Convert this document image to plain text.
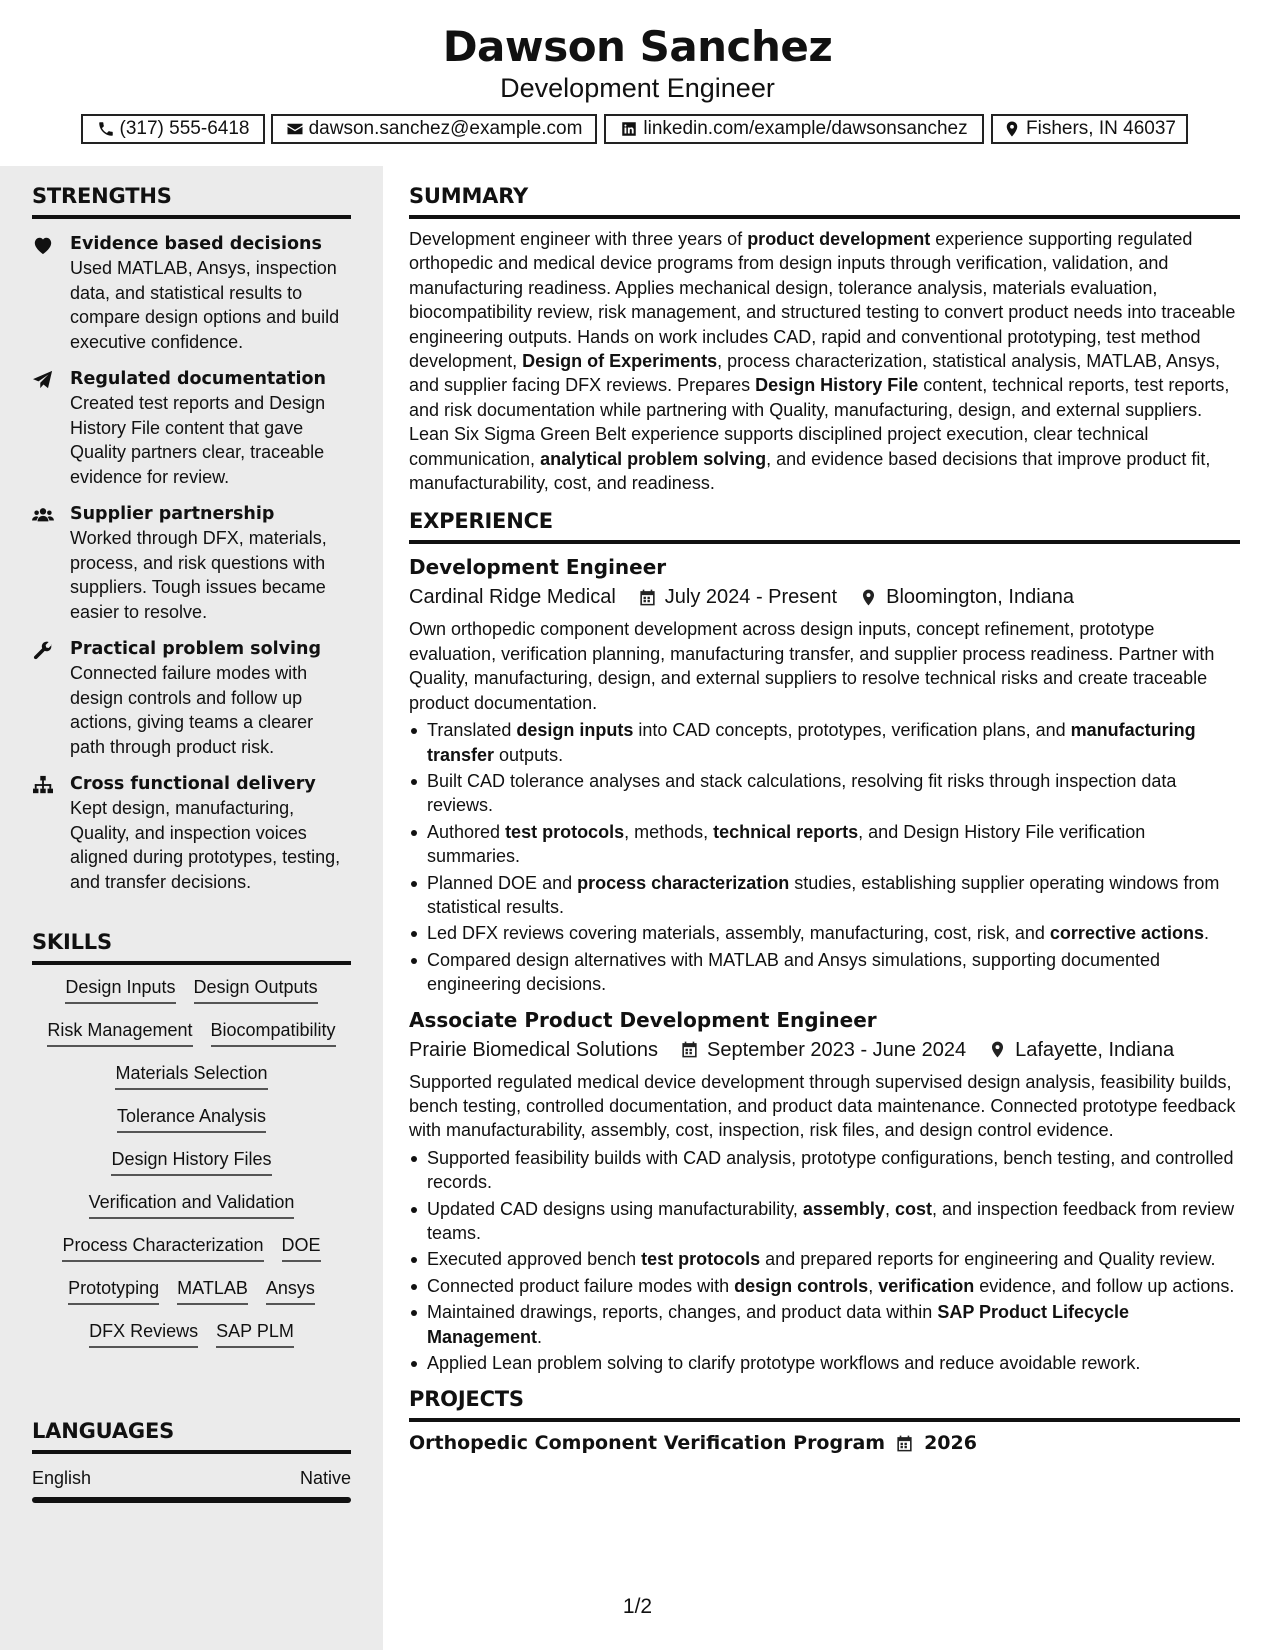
Dawson Sanchez
Development Engineer
(317) 555-6418	dawson.sanchez@example.com	linkedin.com/example/dawsonsanchez	Fishers, IN 46037
STRENGTHS
Evidence based decisions
Used MATLAB, Ansys, inspection data, and statistical results to compare design options and build executive confidence.
Regulated documentation
Created test reports and Design History File content that gave Quality partners clear, traceable evidence for review.
Supplier partnership
Worked through DFX, materials, process, and risk questions with suppliers. Tough issues became easier to resolve.
Practical problem solving
Connected failure modes with design controls and follow up actions, giving teams a clearer path through product risk.
Cross functional delivery
Kept design, manufacturing, Quality, and inspection voices aligned during prototypes, testing, and transfer decisions.
SKILLS
Design Inputs Design Outputs
Risk Management Biocompatibility
Materials Selection
Tolerance Analysis
Design History Files
Verification and Validation
Process Characterization DOE
Prototyping MATLAB Ansys
DFX Reviews SAP PLM
LANGUAGES
English	Native
SUMMARY
Development engineer with three years of product development experience supporting regulated orthopedic and medical device programs from design inputs through verification, validation, and manufacturing readiness. Applies mechanical design, tolerance analysis, materials evaluation, biocompatibility review, risk management, and structured testing to convert product needs into traceable engineering outputs. Hands on work includes CAD, rapid and conventional prototyping, test method development, Design of Experiments, process characterization, statistical analysis, MATLAB, Ansys, and supplier facing DFX reviews. Prepares Design History File content, technical reports, test reports, and risk documentation while partnering with Quality, manufacturing, design, and external suppliers. Lean Six Sigma Green Belt experience supports disciplined project execution, clear technical communication, analytical problem solving, and evidence based decisions that improve product fit, manufacturability, cost, and readiness.
EXPERIENCE
Development Engineer
Cardinal Ridge Medical July 2024 - Present Bloomington, Indiana
Own orthopedic component development across design inputs, concept refinement, prototype evaluation, verification planning, manufacturing transfer, and supplier process readiness. Partner with Quality, manufacturing, design, and external suppliers to resolve technical risks and create traceable product documentation.
Translated design inputs into CAD concepts, prototypes, verification plans, and manufacturing transfer outputs.
Built CAD tolerance analyses and stack calculations, resolving fit risks through inspection data reviews.
Authored test protocols, methods, technical reports, and Design History File verification summaries.
Planned DOE and process characterization studies, establishing supplier operating windows from statistical results.
Led DFX reviews covering materials, assembly, manufacturing, cost, risk, and corrective actions.
Compared design alternatives with MATLAB and Ansys simulations, supporting documented engineering decisions.
Associate Product Development Engineer
Prairie Biomedical Solutions September 2023 - June 2024 Lafayette, Indiana
Supported regulated medical device development through supervised design analysis, feasibility builds, bench testing, controlled documentation, and product data maintenance. Connected prototype feedback with manufacturability, assembly, cost, inspection, risk files, and design control evidence.
Supported feasibility builds with CAD analysis, prototype configurations, bench testing, and controlled records.
Updated CAD designs using manufacturability, assembly, cost, and inspection feedback from review teams.
Executed approved bench test protocols and prepared reports for engineering and Quality review.
Connected product failure modes with design controls, verification evidence, and follow up actions.
Maintained drawings, reports, changes, and product data within SAP Product Lifecycle Management.
Applied Lean problem solving to clarify prototype workflows and reduce avoidable rework.
PROJECTS
Orthopedic Component Verification Program 2026
1/2
